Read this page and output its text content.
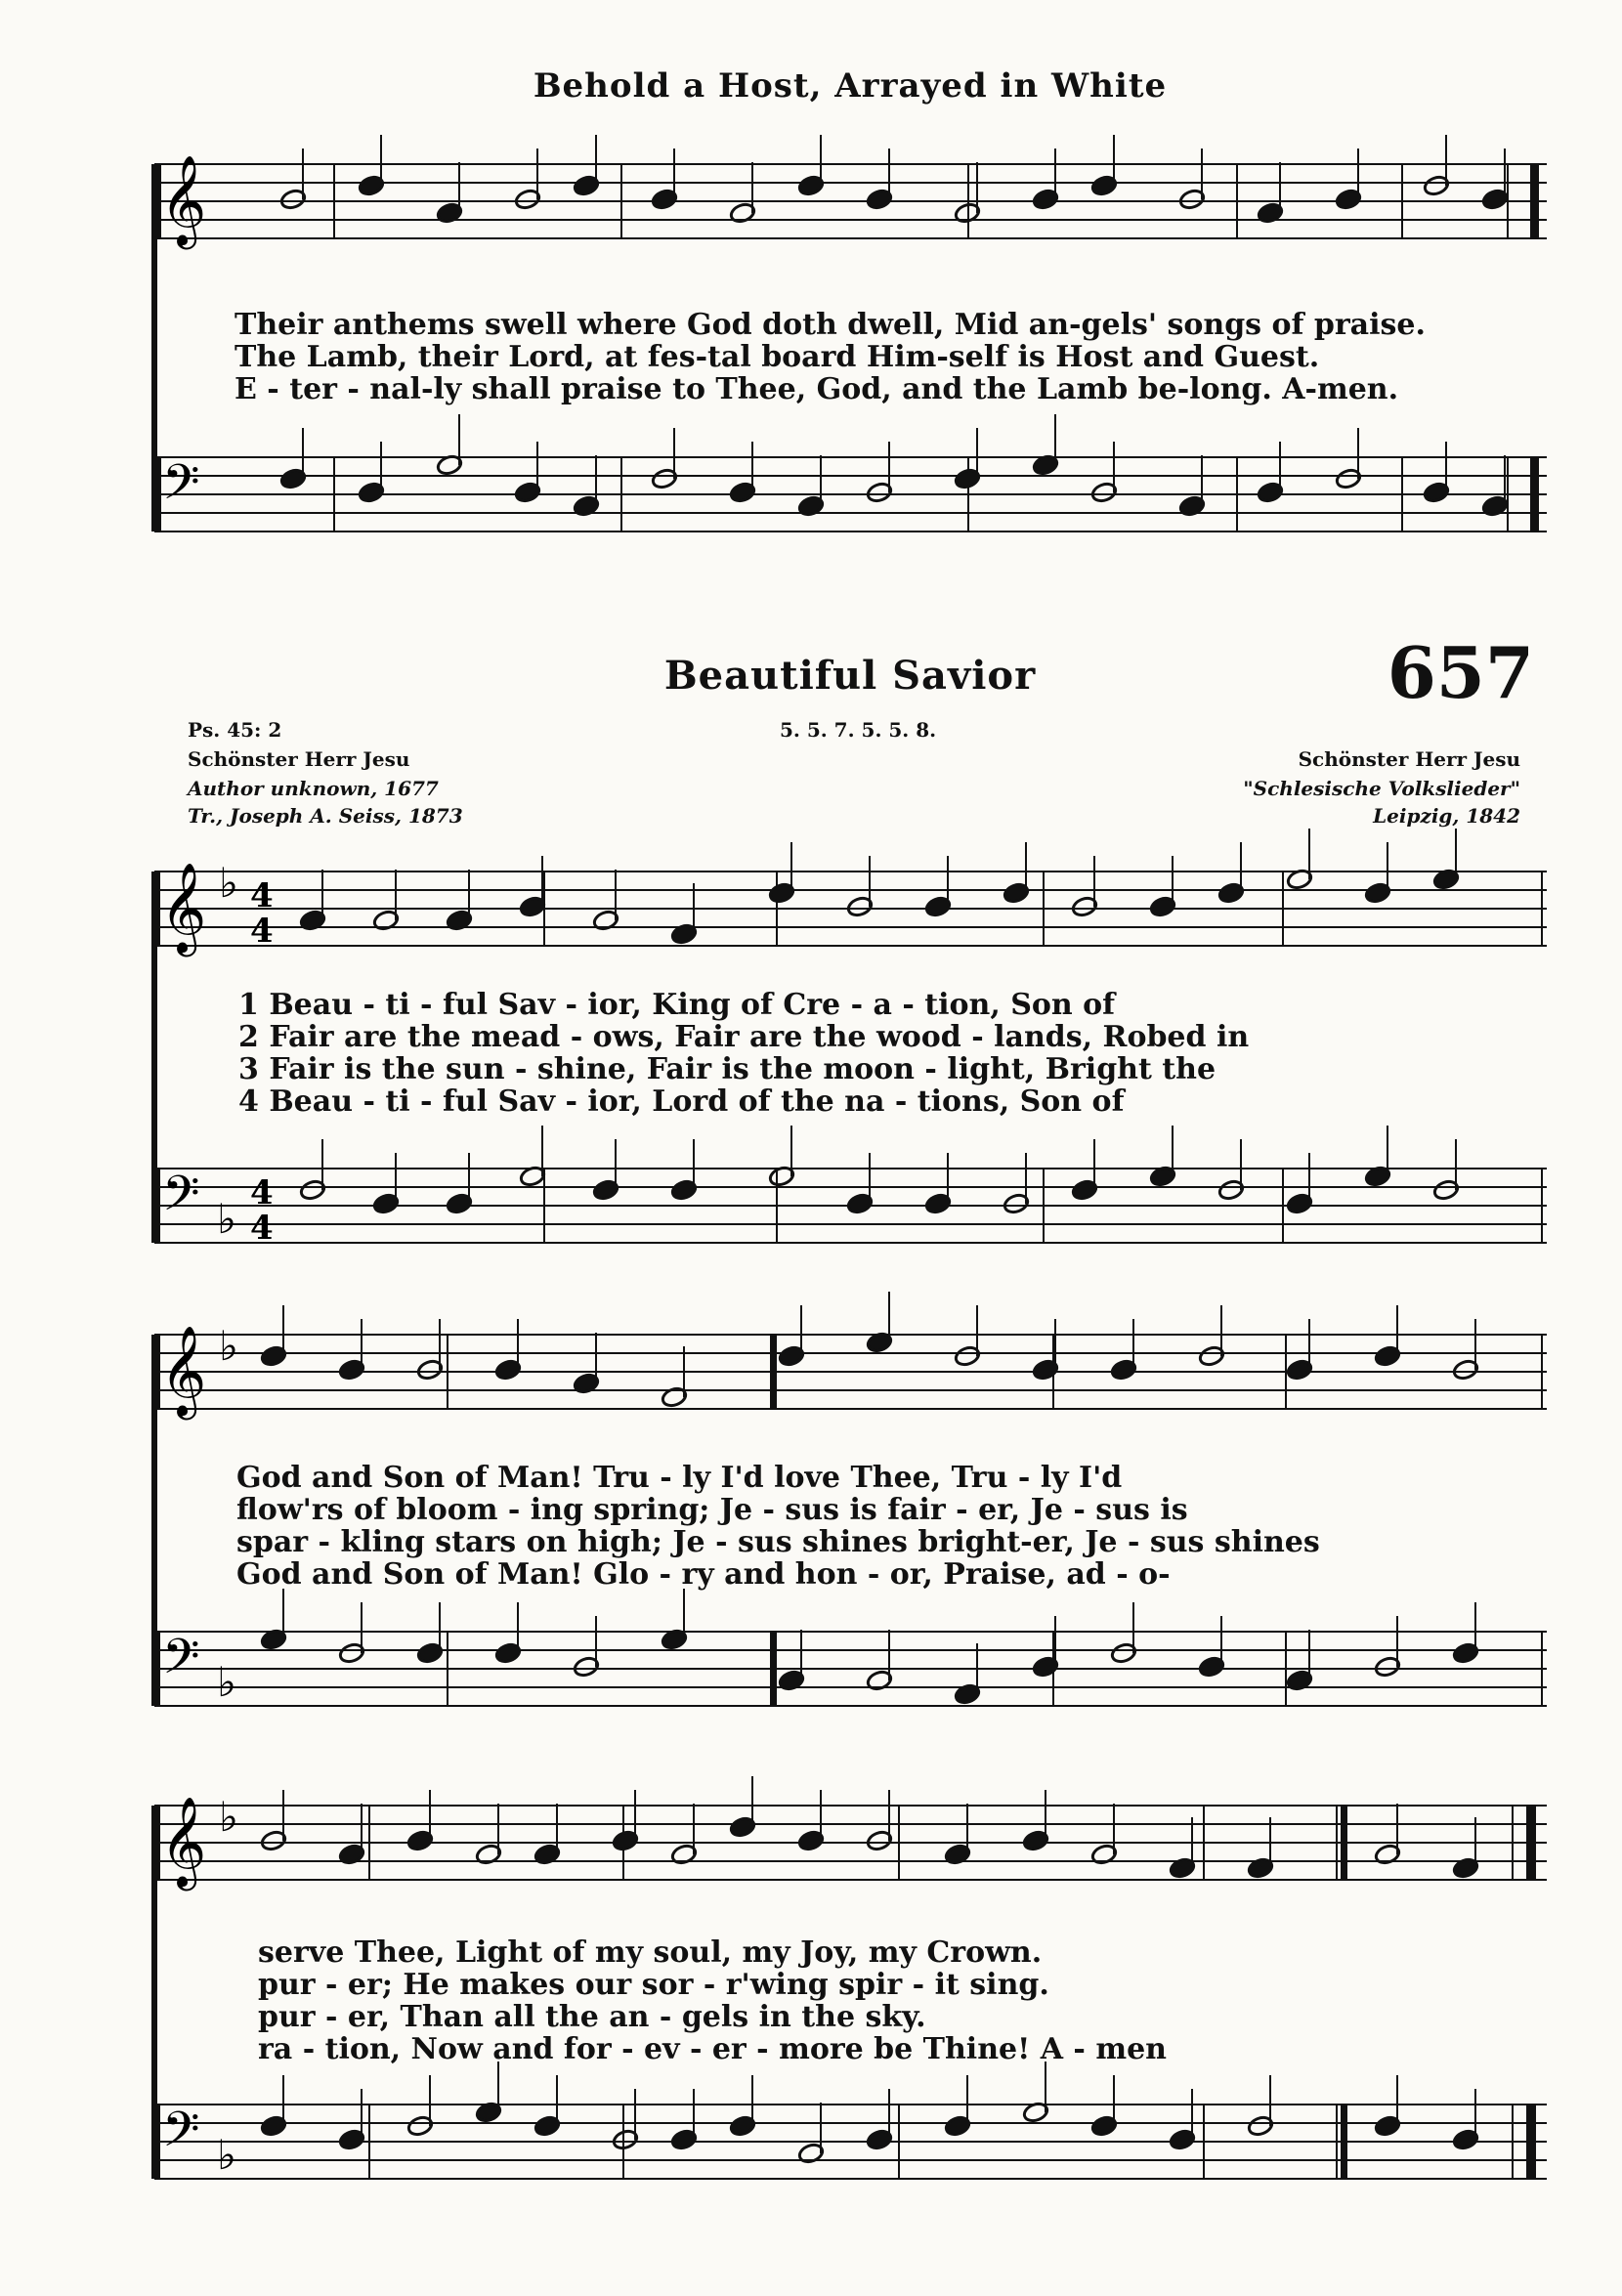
Behold a Host, Arrayed in White
𝄞
Their anthems swell where God doth dwell, Mid an-gels' songs of praise.
The Lamb, their Lord, at fes-tal board Him-self is Host and Guest.
E - ter - nal-ly shall praise to Thee, God, and the Lamb be-long. A-men.
𝄢
Beautiful Savior	657
Ps. 45: 2
Schönster Herr Jesu
Author unknown, 1677
Tr., Joseph A. Seiss, 1873
5. 5. 7. 5. 5. 8.
Schönster Herr Jesu
"Schlesische Volkslieder"
Leipzig, 1842
𝄞 ♭ 4
4
1 Beau - ti - ful Sav - ior, King of Cre - a - tion, Son of
2 Fair are the mead - ows, Fair are the wood - lands, Robed in
3 Fair is the sun - shine, Fair is the moon - light, Bright the
4 Beau - ti - ful Sav - ior, Lord of the na - tions, Son of
𝄢 ♭
4
4
𝄞 ♭
God and Son of Man! Tru - ly I'd love Thee, Tru - ly I'd
flow'rs of bloom - ing spring; Je - sus is fair - er, Je - sus is
spar - kling stars on high; Je - sus shines bright-er, Je - sus shines
God and Son of Man! Glo - ry and hon - or, Praise, ad - o-
𝄢 ♭
𝄞 ♭
serve Thee, Light of my soul, my Joy, my Crown.
pur - er; He makes our sor - r'wing spir - it sing.
pur - er, Than all the an - gels in the sky.
ra - tion, Now and for - ev - er - more be Thine! A - men
𝄢 ♭
